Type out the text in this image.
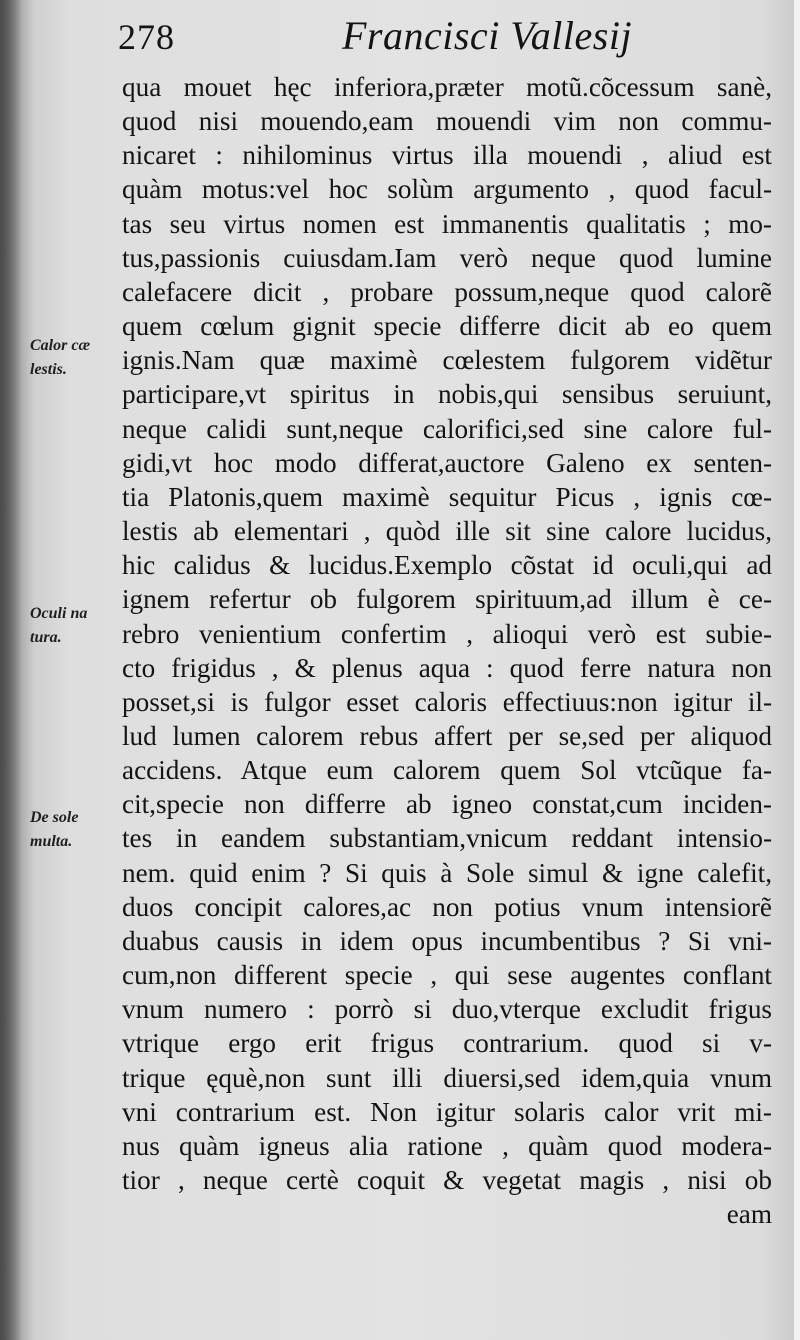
278	Francisci Vallesij
Calor cæ
lestis.
Oculi na
tura.
De sole
multa.
qua mouet hęc inferiora,præter motũ.cõcessum sanè,
quod nisi mouendo,eam mouendi vim non commu-
nicaret : nihilominus virtus illa mouendi , aliud est
quàm motus:vel hoc solùm argumento , quod facul-
tas seu virtus nomen est immanentis qualitatis ; mo-
tus,passionis cuiusdam.Iam verò neque quod lumine
calefacere dicit , probare possum,neque quod calorẽ
quem cœlum gignit specie differre dicit ab eo quem
ignis.Nam quæ maximè cœlestem fulgorem vidẽtur
participare,vt spiritus in nobis,qui sensibus seruiunt,
neque calidi sunt,neque calorifici,sed sine calore ful-
gidi,vt hoc modo differat,auctore Galeno ex senten-
tia Platonis,quem maximè sequitur Picus , ignis cœ-
lestis ab elementari , quòd ille sit sine calore lucidus,
hic calidus & lucidus.Exemplo cõstat id oculi,qui ad
ignem refertur ob fulgorem spirituum,ad illum è ce-
rebro venientium confertim , alioqui verò est subie-
cto frigidus , & plenus aqua : quod ferre natura non
posset,si is fulgor esset caloris effectiuus:non igitur il-
lud lumen calorem rebus affert per se,sed per aliquod
accidens. Atque eum calorem quem Sol vtcũque fa-
cit,specie non differre ab igneo constat,cum inciden-
tes in eandem substantiam,vnicum reddant intensio-
nem. quid enim ? Si quis à Sole simul & igne calefit,
duos concipit calores,ac non potius vnum intensiorẽ
duabus causis in idem opus incumbentibus ? Si vni-
cum,non different specie , qui sese augentes conflant
vnum numero : porrò si duo,vterque excludit frigus
vtrique ergo erit frigus contrarium. quod si v-
trique ęquè,non sunt illi diuersi,sed idem,quia vnum
vni contrarium est. Non igitur solaris calor vrit mi-
nus quàm igneus alia ratione , quàm quod modera-
tior , neque certè coquit & vegetat magis , nisi ob
eam
